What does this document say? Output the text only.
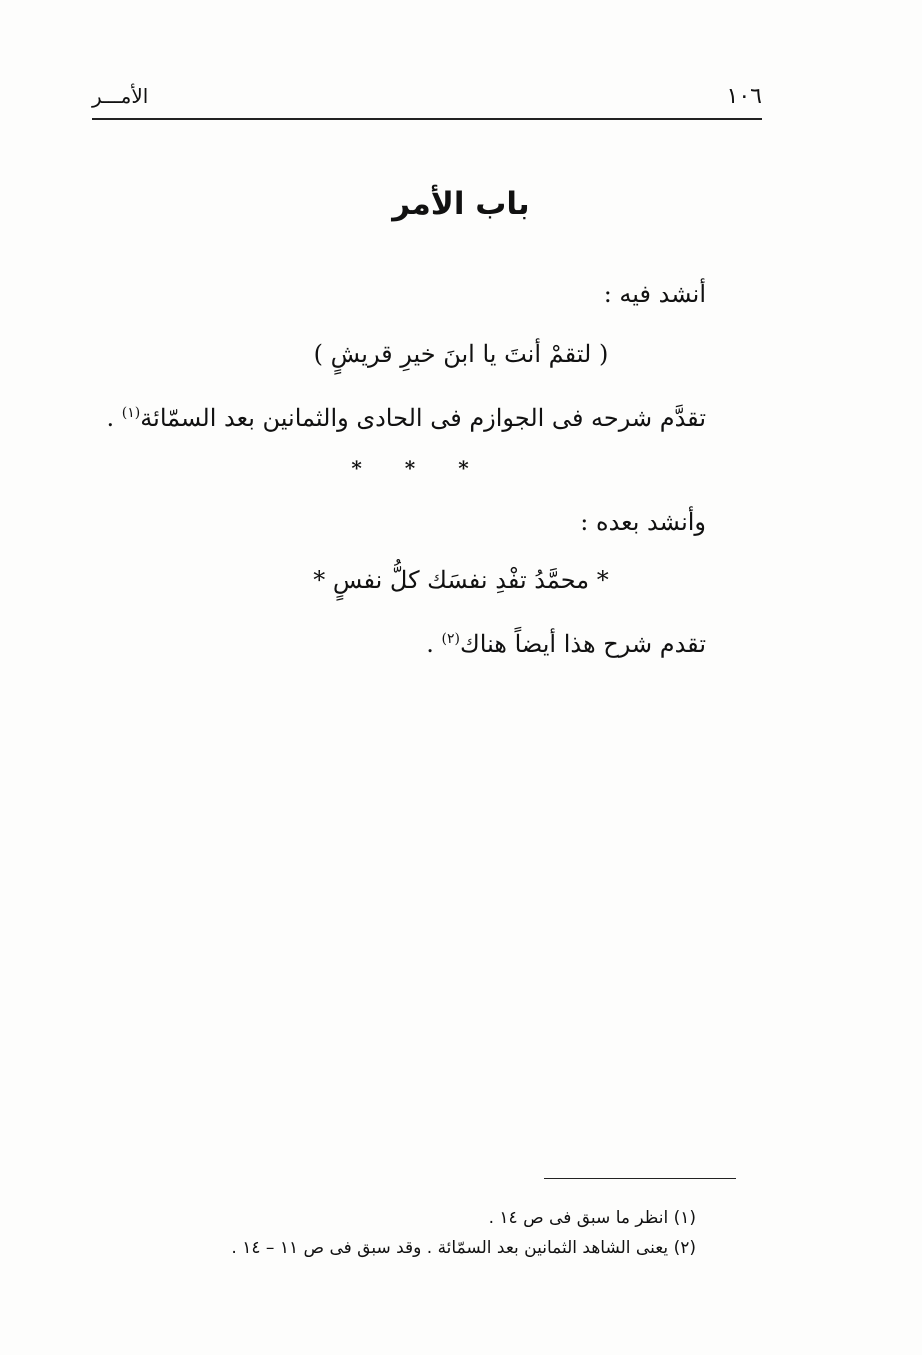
١٠٦
الأمـــر
باب الأمر
أنشد فيه :
( لتقمْ أنتَ يا ابنَ خيرِ قريشٍ )
تقدَّم شرحه فى الجوازم فى الحادى والثمانين بعد السمّائة$^{(١)}$ .
* * *
وأنشد بعده :
* محمَّدُ تفْدِ نفسَك كلُّ نفسٍ *
تقدم شرح هذا أيضاً هناك$^{(٢)}$ .
(١) انظر ما سبق فى ص ١٤ .
(٢) يعنى الشاهد الثمانين بعد السمّائة . وقد سبق فى ص ١١ – ١٤ .
